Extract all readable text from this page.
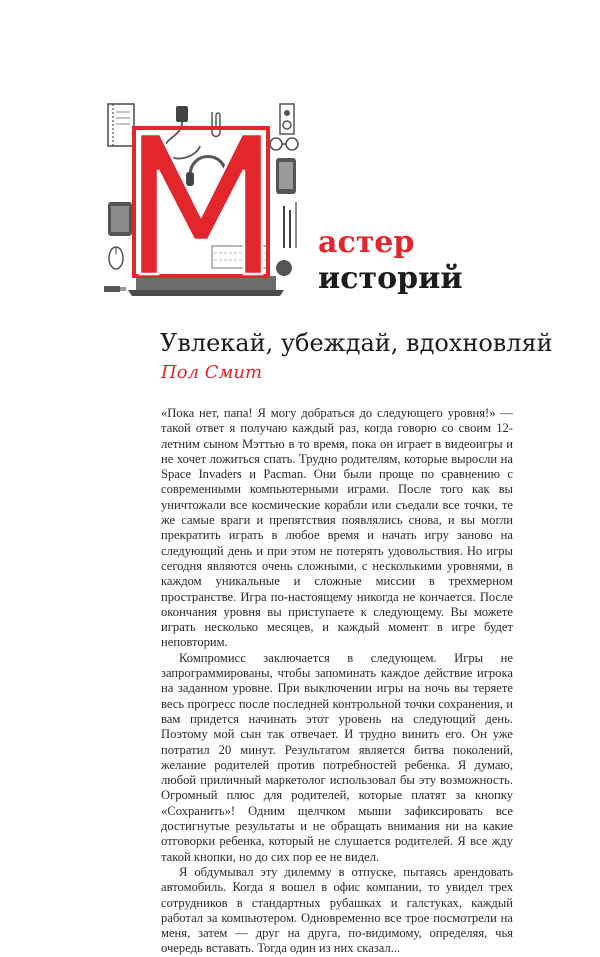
астер
историй
Увлекай, убеждай, вдохновляй
Пол Смит

«Пока нет, папа! Я могу добраться до следующего уровня!» — такой ответ я получаю каждый раз, когда говорю со своим 12-летним сыном Мэттью в то время, пока он играет в видеоигры и не хочет ложиться спать. Трудно родителям, которые выросли на Space Invaders и Pacman. Они были проще по сравнению с современными компьютерными играми. После того как вы уничтожали все космические корабли или съедали все точки, те же самые враги и препятствия появлялись снова, и вы могли прекратить играть в любое время и начать игру заново на следующий день и при этом не потерять удовольствия. Но игры сегодня являются очень сложными, с несколькими уровнями, в каждом уникальные и сложные миссии в трехмерном пространстве. Игра по-настоящему никогда не кончается. После окончания уровня вы приступаете к следующему. Вы можете играть несколько месяцев, и каждый момент в игре будет неповторим.

Компромисс заключается в следующем. Игры не запрограммированы, чтобы запоминать каждое действие игрока на заданном уровне. При выключении игры на ночь вы теряете весь прогресс после последней контрольной точки сохранения, и вам придется начинать этот уровень на следующий день. Поэтому мой сын так отвечает. И трудно винить его. Он уже потратил 20 минут. Результатом является битва поколений, желание родителей против потребностей ребенка. Я думаю, любой приличный маркетолог использовал бы эту возможность. Огромный плюс для родителей, которые платят за кнопку «Сохранить»! Одним щелчком мыши зафиксировать все достигнутые результаты и не обращать внимания ни на какие отговорки ребенка, который не слушается родителей. Я все жду такой кнопки, но до сих пор ее не видел.

Я обдумывал эту дилемму в отпуске, пытаясь арендовать автомобиль. Когда я вошел в офис компании, то увидел трех сотрудников в стандартных рубашках и галстуках, каждый работал за компьютером. Одновременно все трое посмотрели на меня, затем — друг на друга, по-видимому, определяя, чья очередь вставать. Тогда один из них сказал...
